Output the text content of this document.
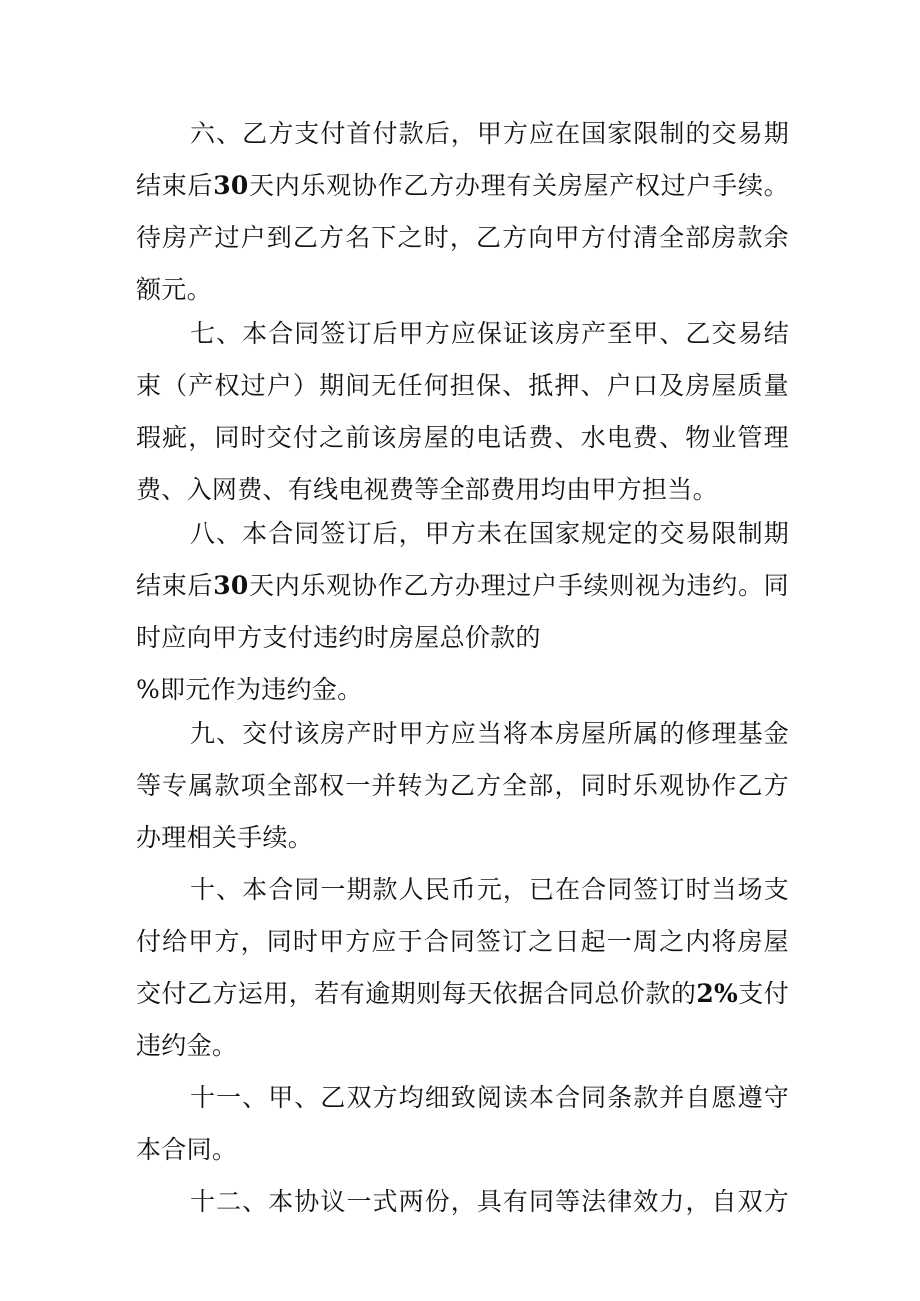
六、乙方支付首付款后，甲方应在国家限制的交易期
结束后30天内乐观协作乙方办理有关房屋产权过户手续。
待房产过户到乙方名下之时，乙方向甲方付清全部房款余
额元。
七、本合同签订后甲方应保证该房产至甲、乙交易结
束（产权过户）期间无任何担保、抵押、户口及房屋质量
瑕疵，同时交付之前该房屋的电话费、水电费、物业管理
费、入网费、有线电视费等全部费用均由甲方担当。
八、本合同签订后，甲方未在国家规定的交易限制期
结束后30天内乐观协作乙方办理过户手续则视为违约。同
时应向甲方支付违约时房屋总价款的
%即元作为违约金。
九、交付该房产时甲方应当将本房屋所属的修理基金
等专属款项全部权一并转为乙方全部，同时乐观协作乙方
办理相关手续。
十、本合同一期款人民币元，已在合同签订时当场支
付给甲方，同时甲方应于合同签订之日起一周之内将房屋
交付乙方运用，若有逾期则每天依据合同总价款的2%支付
违约金。
十一、甲、乙双方均细致阅读本合同条款并自愿遵守
本合同。
十二、本协议一式两份，具有同等法律效力，自双方
